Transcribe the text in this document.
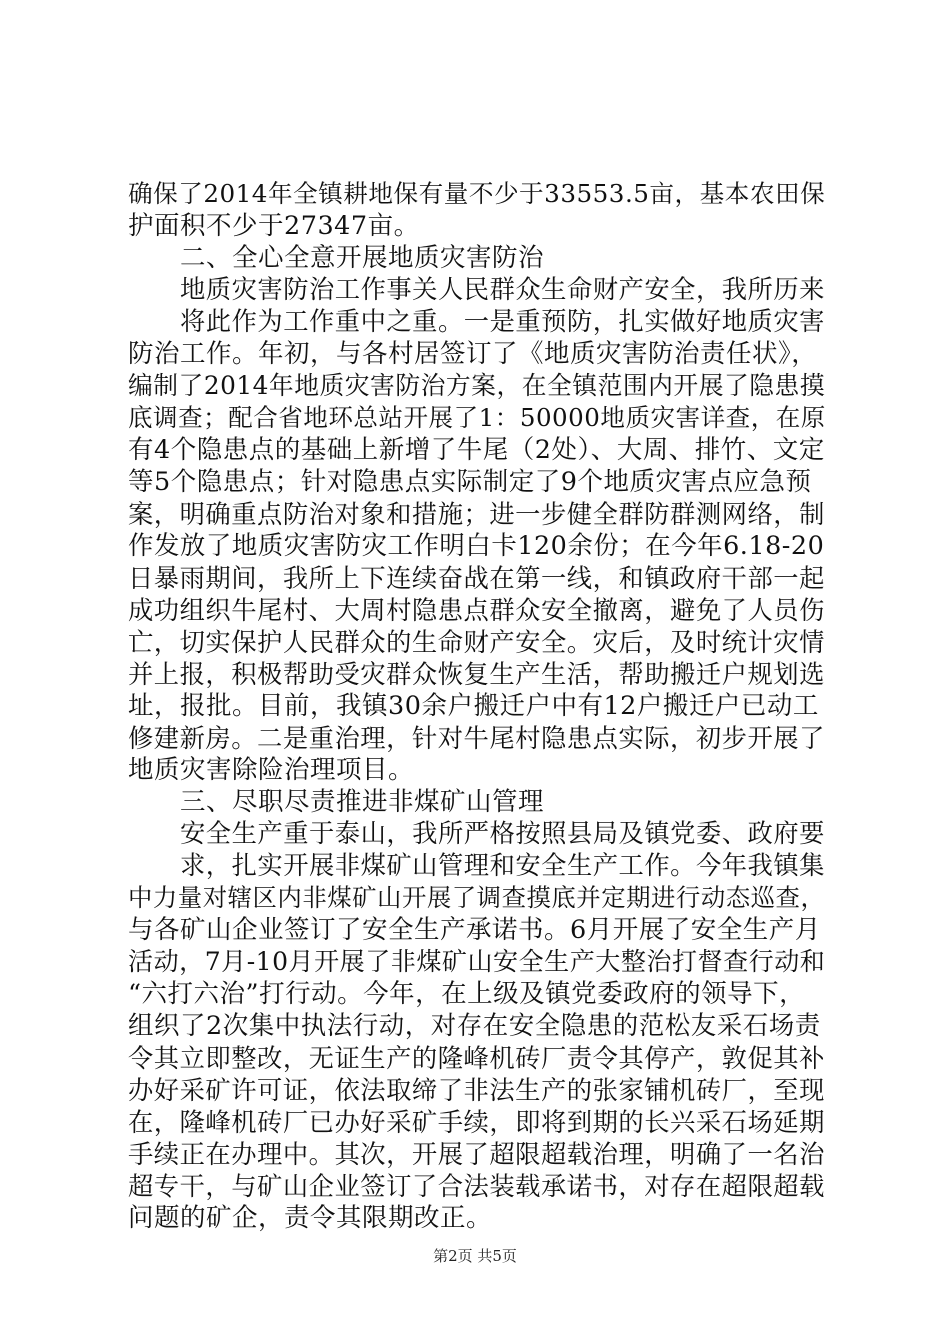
确保了2014年全镇耕地保有量不少于33553.5亩，基本农田保

护面积不少于27347亩。

二、全心全意开展地质灾害防治

地质灾害防治工作事关人民群众生命财产安全，我所历来

将此作为工作重中之重。一是重预防，扎实做好地质灾害

防治工作。年初，与各村居签订了《地质灾害防治责任状》，

编制了2014年地质灾害防治方案，在全镇范围内开展了隐患摸

底调查；配合省地环总站开展了1：50000地质灾害详查，在原

有4个隐患点的基础上新增了牛尾（2处）、大周、排竹、文定

等5个隐患点；针对隐患点实际制定了9个地质灾害点应急预

案，明确重点防治对象和措施；进一步健全群防群测网络，制

作发放了地质灾害防灾工作明白卡120余份；在今年6.18-20

日暴雨期间，我所上下连续奋战在第一线，和镇政府干部一起

成功组织牛尾村、大周村隐患点群众安全撤离，避免了人员伤

亡，切实保护人民群众的生命财产安全。灾后，及时统计灾情

并上报，积极帮助受灾群众恢复生产生活，帮助搬迁户规划选

址，报批。目前，我镇30余户搬迁户中有12户搬迁户已动工

修建新房。二是重治理，针对牛尾村隐患点实际，初步开展了

地质灾害除险治理项目。

三、尽职尽责推进非煤矿山管理

安全生产重于泰山，我所严格按照县局及镇党委、政府要

求，扎实开展非煤矿山管理和安全生产工作。今年我镇集

中力量对辖区内非煤矿山开展了调查摸底并定期进行动态巡查，

与各矿山企业签订了安全生产承诺书。6月开展了安全生产月

活动，7月-10月开展了非煤矿山安全生产大整治打督查行动和

“六打六治”打行动。今年，在上级及镇党委政府的领导下，

组织了2次集中执法行动，对存在安全隐患的范松友采石场责

令其立即整改，无证生产的隆峰机砖厂责令其停产，敦促其补

办好采矿许可证，依法取缔了非法生产的张家铺机砖厂，至现

在，隆峰机砖厂已办好采矿手续，即将到期的长兴采石场延期

手续正在办理中。其次，开展了超限超载治理，明确了一名治

超专干，与矿山企业签订了合法装载承诺书，对存在超限超载

问题的矿企，责令其限期改正。

第2页 共5页
